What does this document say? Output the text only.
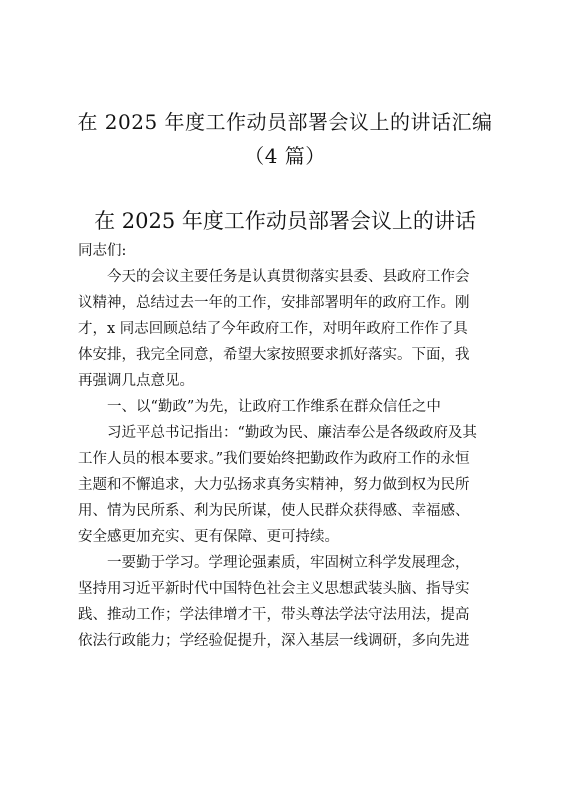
在 2025 年度工作动员部署会议上的讲话汇编
（4 篇）
在 2025 年度工作动员部署会议上的讲话
同志们:
　　今天的会议主要任务是认真贯彻落实县委、县政府工作会
议精神，总结过去一年的工作，安排部署明年的政府工作。刚
才，x 同志回顾总结了今年政府工作，对明年政府工作作了具
体安排，我完全同意，希望大家按照要求抓好落实。下面，我
再强调几点意见。
　　一、以“勤政”为先，让政府工作维系在群众信任之中
　　习近平总书记指出：“勤政为民、廉洁奉公是各级政府及其
工作人员的根本要求。”我们要始终把勤政作为政府工作的永恒
主题和不懈追求，大力弘扬求真务实精神，努力做到权为民所
用、情为民所系、利为民所谋，使人民群众获得感、幸福感、
安全感更加充实、更有保障、更可持续。
　　一要勤于学习。学理论强素质，牢固树立科学发展理念，
坚持用习近平新时代中国特色社会主义思想武装头脑、指导实
践、推动工作；学法律增才干，带头尊法学法守法用法，提高
依法行政能力；学经验促提升，深入基层一线调研，多向先进
